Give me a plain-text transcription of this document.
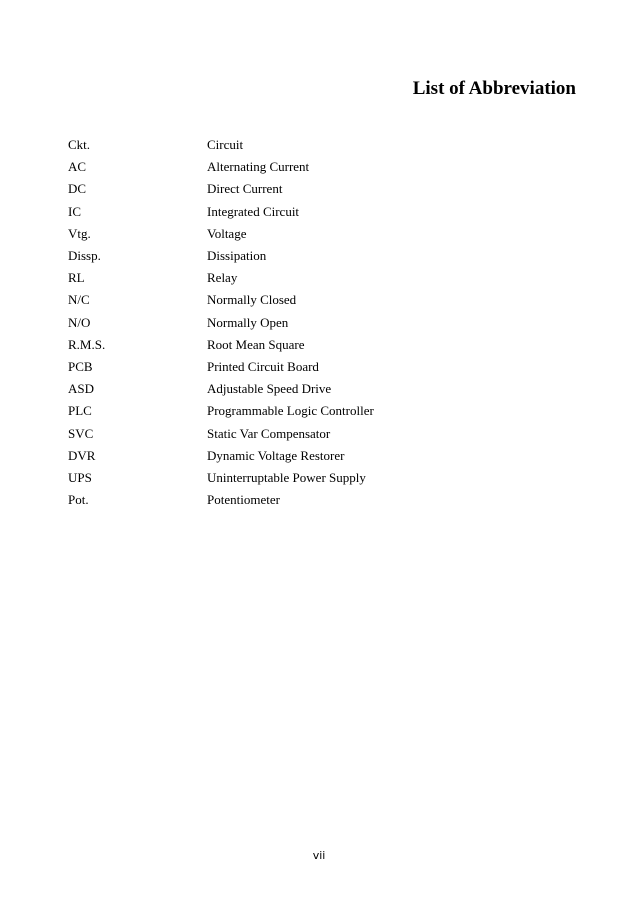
List of Abbreviation
Ckt.	Circuit
AC	Alternating Current
DC	Direct Current
IC	Integrated Circuit
Vtg.	Voltage
Dissp.	Dissipation
RL	Relay
N/C	Normally Closed
N/O	Normally Open
R.M.S.	Root Mean Square
PCB	Printed Circuit Board
ASD	Adjustable Speed Drive
PLC	Programmable Logic Controller
SVC	Static Var Compensator
DVR	Dynamic Voltage Restorer
UPS	Uninterruptable Power Supply
Pot.	Potentiometer
vii
